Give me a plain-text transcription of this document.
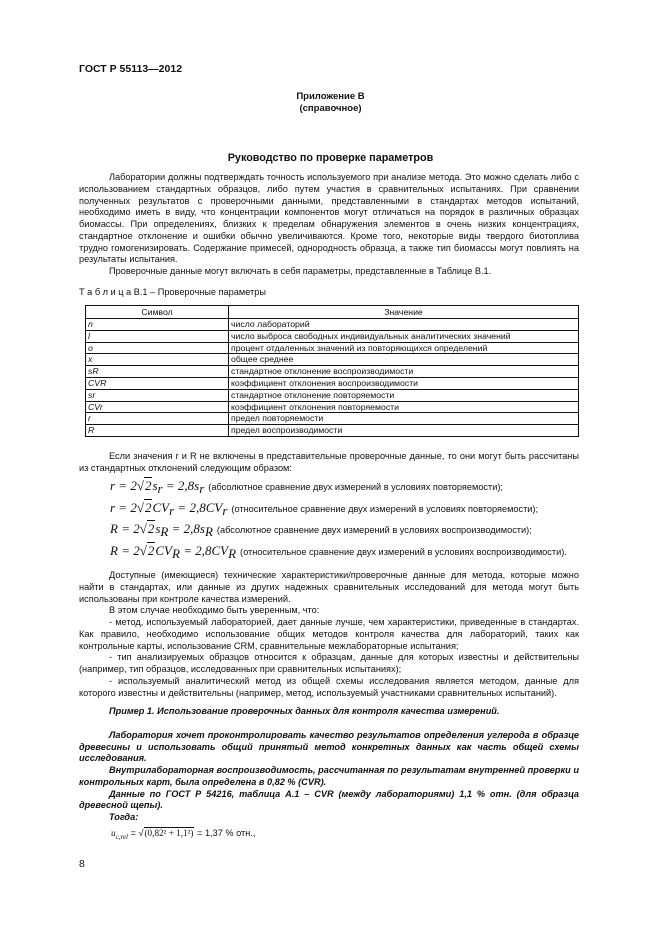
ГОСТ Р 55113—2012
Приложение В
(справочное)
Руководство по проверке параметров

Лаборатории должны подтверждать точность используемого при анализе метода. Это можно сделать либо с использованием стандартных образцов, либо путем участия в сравнительных испытаниях. При сравнении полученных результатов с проверочными данными, представленными в стандартах методов испытаний, необходимо иметь в виду, что концентрации компонентов могут отличаться на порядок в различных образцах биомассы. При определениях, близких к пределам обнаружения элементов в очень низких концентрациях, стандартное отклонение и ошибки обычно увеличиваются. Кроме того, некоторые виды твердого биотоплива трудно гомогенизировать. Содержание примесей, однородность образца, а также тип биомассы могут повлиять на результаты испытания.

Проверочные данные могут включать в себя параметры, представленные в Таблице В.1.

Т а б л и ц а В.1 – Проверочные параметры
Символ	Значение
n	число лабораторий
l	число выброса свободных индивидуальных аналитических значений
o	процент отдаленных значений из повторяющихся определений
x	общее среднее
sR	стандартное отклонение воспроизводимости
CVR	коэффициент отклонения воспроизводимости
sr	стандартное отклонение повторяемости
CVr	коэффициент отклонения повторяемости
r	предел повторяемости
R	предел воспроизводимости

Если значения r и R не включены в представительные проверочные данные, то они могут быть рассчитаны из стандартных отклонений следующим образом:

$r = 2√2s_r = 2,8s_r$ (абсолютное сравнение двух измерений в условиях повторяемости);
$r = 2√2CV_r = 2,8CV_r$ (относительное сравнение двух измерений в условиях повторяемости);
$R = 2√2s_R = 2,8s_R$ (абсолютное сравнение двух измерений в условиях воспроизводимости);
$R = 2√2CV_R = 2,8CV_R$ (относительное сравнение двух измерений в условиях воспроизводимости).

Доступные (имеющиеся) технические характеристики/проверочные данные для метода, которые можно найти в стандартах, или данные из других надежных сравнительных исследований для метода могут быть использованы при контроле качества измерений.

В этом случае необходимо быть уверенным, что:

- метод, используемый лабораторией, дает данные лучше, чем характеристики, приведенные в стандартах. Как правило, необходимо использование общих методов контроля качества для лабораторий, таких как контрольные карты, использование CRM, сравнительные межлабораторные испытания;

- тип анализируемых образцов относится к образцам, данные для которых известны и действительны (например, тип образцов, исследованных при сравнительных испытаниях);

- используемый аналитический метод из общей схемы исследования является методом, данные для которого известны и действительны (например, метод, используемый участниками сравнительных испытаний).

Пример 1. Использование проверочных данных для контроля качества измерений.

Лаборатория хочет проконтролировать качество результатов определения углерода в образце древесины и использовать общий принятый метод конкретных данных как часть общей схемы исследования.

Внутрилабораторная воспроизводимость, рассчитанная по результатам внутренней проверки и контрольных карт, была определена в 0,82 % (CVR).

Данные по ГОСТ Р 54216, таблица А.1 – CVR (между лабораториями) 1,1 % отн. (для образца древесной щепы).

Тогда:

$u_{c,rel} = √(0,82^2 + 1,1^2) = 1,37$ % отн.,
8
